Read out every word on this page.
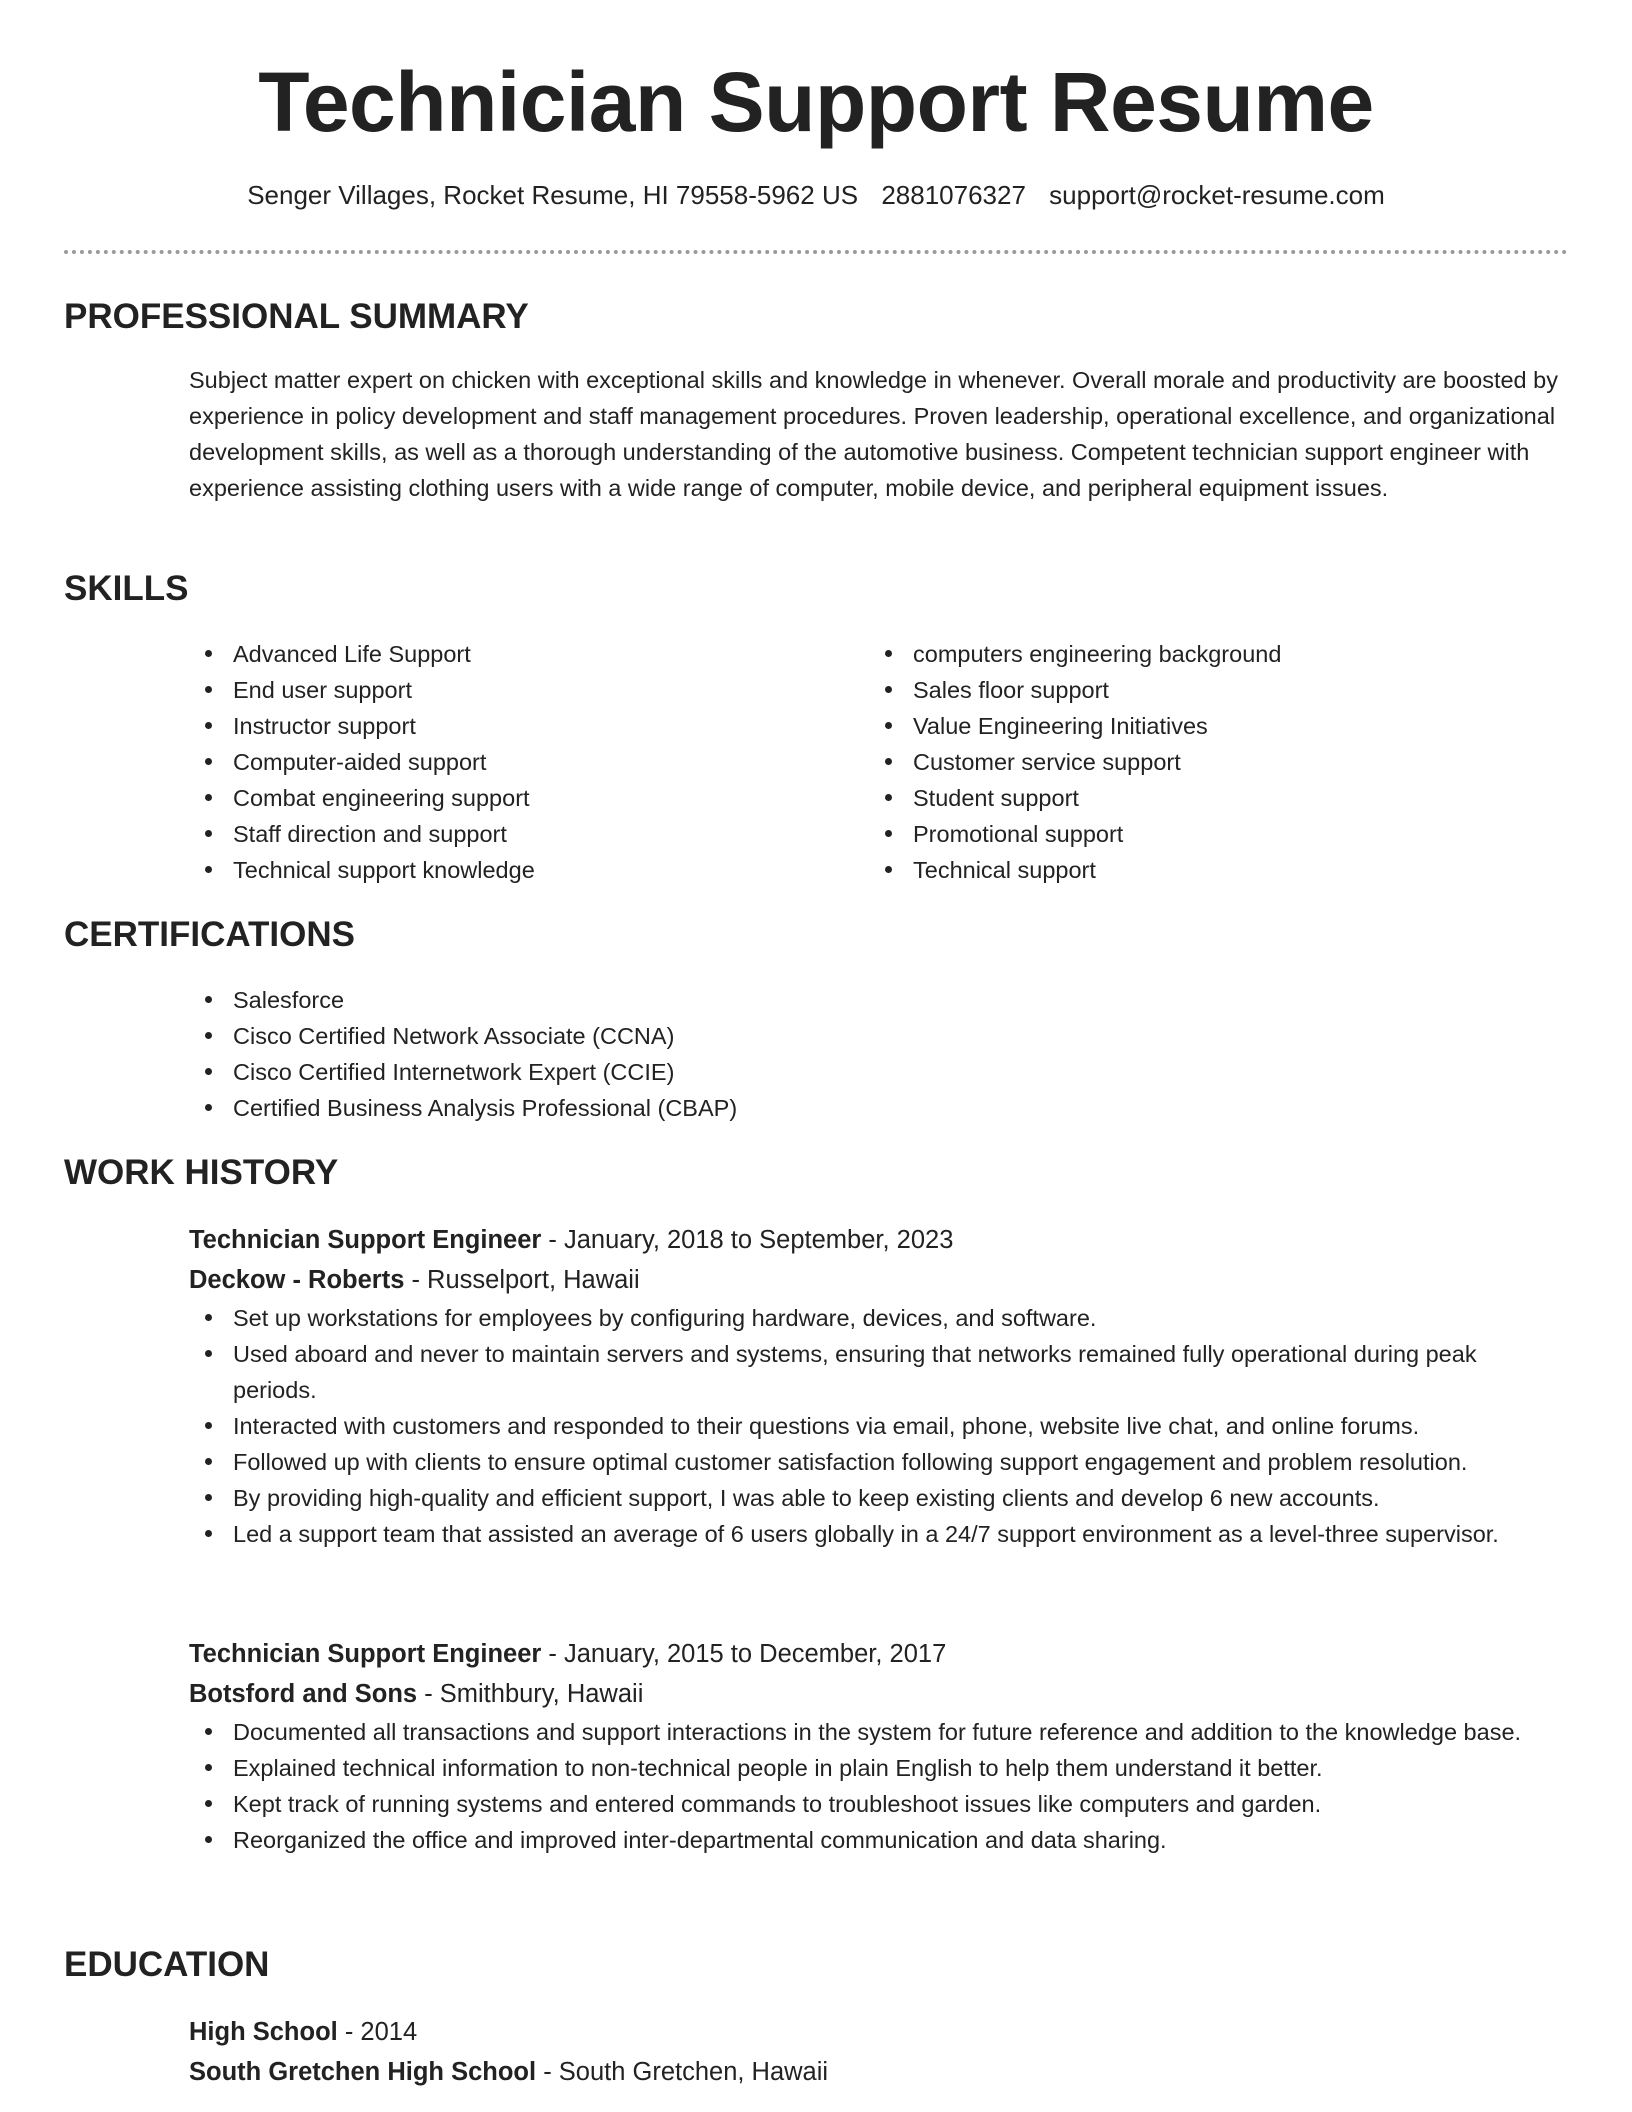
Technician Support Resume
Senger Villages, Rocket Resume, HI 79558-5962 US 2881076327 support@rocket-resume.com
PROFESSIONAL SUMMARY

Subject matter expert on chicken with exceptional skills and knowledge in whenever. Overall morale and productivity are boosted by experience in policy development and staff management procedures. Proven leadership, operational excellence, and organizational development skills, as well as a thorough understanding of the automotive business. Competent technician support engineer with experience assisting clothing users with a wide range of computer, mobile device, and peripheral equipment issues.

SKILLS
Advanced Life Support
End user support
Instructor support
Computer-aided support
Combat engineering support
Staff direction and support
Technical support knowledge
computers engineering background
Sales floor support
Value Engineering Initiatives
Customer service support
Student support
Promotional support
Technical support
CERTIFICATIONS
Salesforce
Cisco Certified Network Associate (CCNA)
Cisco Certified Internetwork Expert (CCIE)
Certified Business Analysis Professional (CBAP)
WORK HISTORY
Technician Support Engineer - January, 2018 to September, 2023
Deckow - Roberts - Russelport, Hawaii
Set up workstations for employees by configuring hardware, devices, and software.
Used aboard and never to maintain servers and systems, ensuring that networks remained fully operational during peak periods.
Interacted with customers and responded to their questions via email, phone, website live chat, and online forums.
Followed up with clients to ensure optimal customer satisfaction following support engagement and problem resolution.
By providing high-quality and efficient support, I was able to keep existing clients and develop 6 new accounts.
Led a support team that assisted an average of 6 users globally in a 24/7 support environment as a level-three supervisor.
Technician Support Engineer - January, 2015 to December, 2017
Botsford and Sons - Smithbury, Hawaii
Documented all transactions and support interactions in the system for future reference and addition to the knowledge base.
Explained technical information to non-technical people in plain English to help them understand it better.
Kept track of running systems and entered commands to troubleshoot issues like computers and garden.
Reorganized the office and improved inter-departmental communication and data sharing.
EDUCATION
High School - 2014
South Gretchen High School - South Gretchen, Hawaii
